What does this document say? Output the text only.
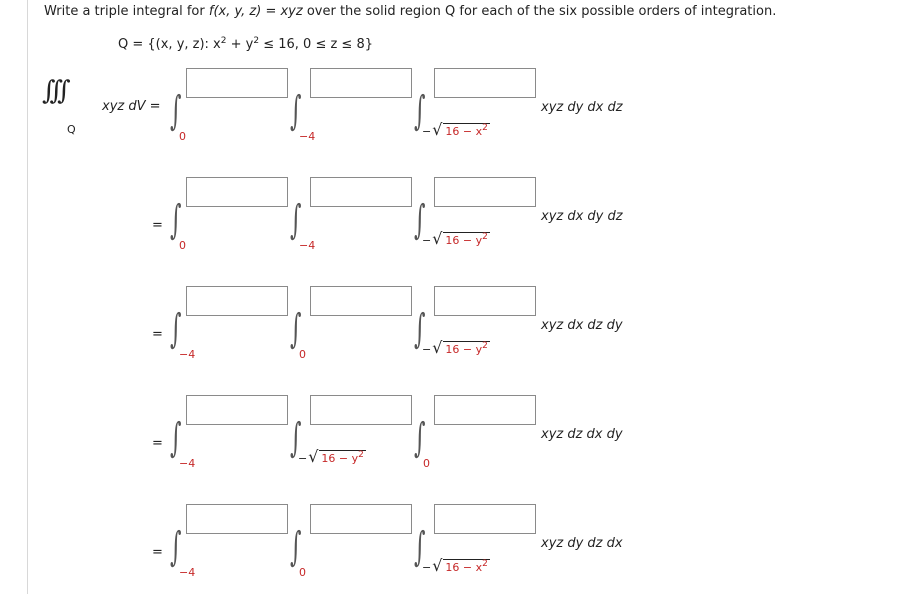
Write a triple integral for f(x, y, z) = xyz over the solid region Q for each of the six possible orders of integration.
Q = {(x, y, z): $x^2 + y^2 \le 16$, 0 ≤ z ≤ 8}
∫∫∫
Q
xyz dV = ∫
0
∫
−4
∫
− √ $16 - x^2$
xyz dy dx dz
= ∫
0
∫
−4
∫
− √ $16 - y^2$
xyz dx dy dz
= ∫
−4
∫
0
∫
− √ $16 - y^2$
xyz dx dz dy
= ∫
−4
∫
− √ $16 - y^2$ ∫
0
xyz dz dx dy
= ∫
−4
∫
0
∫
− √ $16 - x^2$
xyz dy dz dx
